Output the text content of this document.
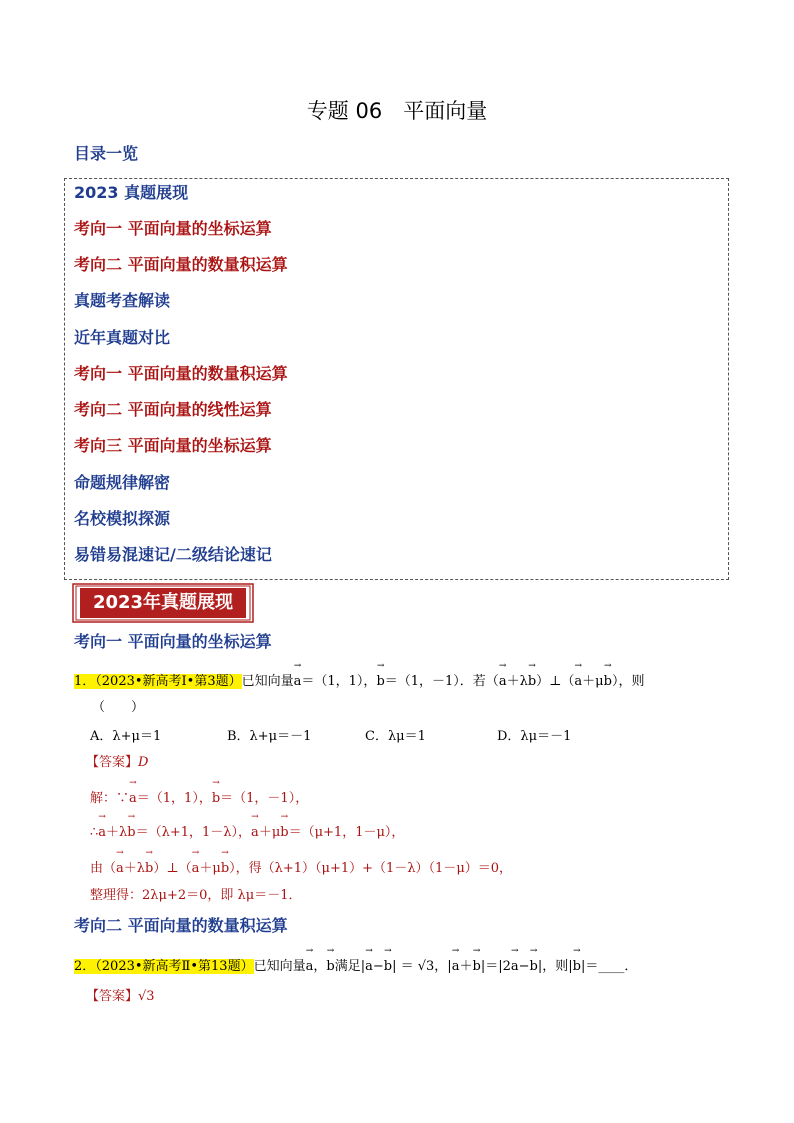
专题 06　平面向量
目录一览
2023 真题展现
考向一 平面向量的坐标运算
考向二 平面向量的数量积运算
真题考查解读
近年真题对比
考向一 平面向量的数量积运算
考向二 平面向量的线性运算
考向三 平面向量的坐标运算
命题规律解密
名校模拟探源
易错易混速记/二级结论速记
2023年真题展现
考向一 平面向量的坐标运算
1．（2023•新高考Ⅰ•第3题）已知向量→ a＝（1，1），→ b＝（1，－1）．若（→ a＋λ→ b）⊥（→ a＋μ→ b），则
（　　）
A．λ+μ＝1	B．λ+μ＝－1	C．λμ＝1	D．λμ＝－1
【答案】D
解：∵→ a＝（1，1），→ b＝（1，－1），
∴→ a＋λ→ b＝（λ+1，1－λ），→ a＋μ→ b＝（μ+1，1－μ），
由（→ a＋λ→ b）⊥（→ a＋μ→ b），得（λ+1）（μ+1）+（1－λ）（1－μ）＝0，
整理得：2λμ+2＝0，即 λμ＝－1．
考向二 平面向量的数量积运算
2．（2023•新高考Ⅱ•第13题）已知向量→ a，→ b满足|→ a−→ b| ＝ √3，|→ a＋→ b|＝|2→ a−→ b|，则|→ b|＝____．
【答案】√3
